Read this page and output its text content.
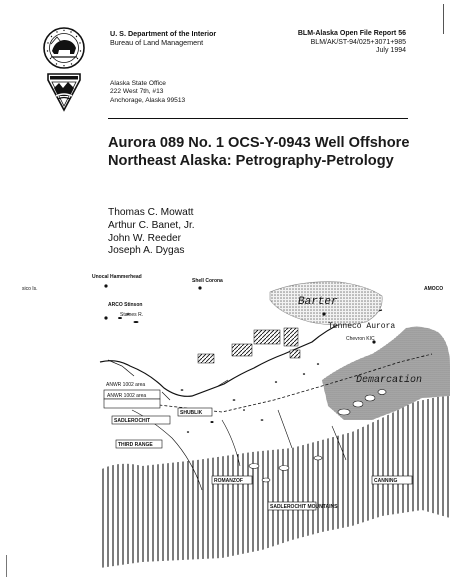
U. S. Department of the Interior
Bureau of Land Management
BLM-Alaska Open File Report 56
BLM/AK/ST-94/025+3071+985
July 1994
Alaska State Office
222 West 7th, #13
Anchorage, Alaska 99513
Aurora 089 No. 1 OCS-Y-0943 Well Offshore
Northeast Alaska: Petrography-Petrology
Thomas C. Mowatt
Arthur C. Banet, Jr.
John W. Reeder
Joseph A. Dygas
Unocal Hammerhead
Shell Corona
AMOCO
sico Is.
ARCO Stinson
Staines R.
Barter
Tenneco Aurora
Chevron KIC
Demarcation
ANWR 1002 area
ANWR 1002 area
SADLEROCHIT
SHUBLIK
THIRD RANGE
ROMANZOF
SADLEROCHIT MOUNTAINS
CANNING
